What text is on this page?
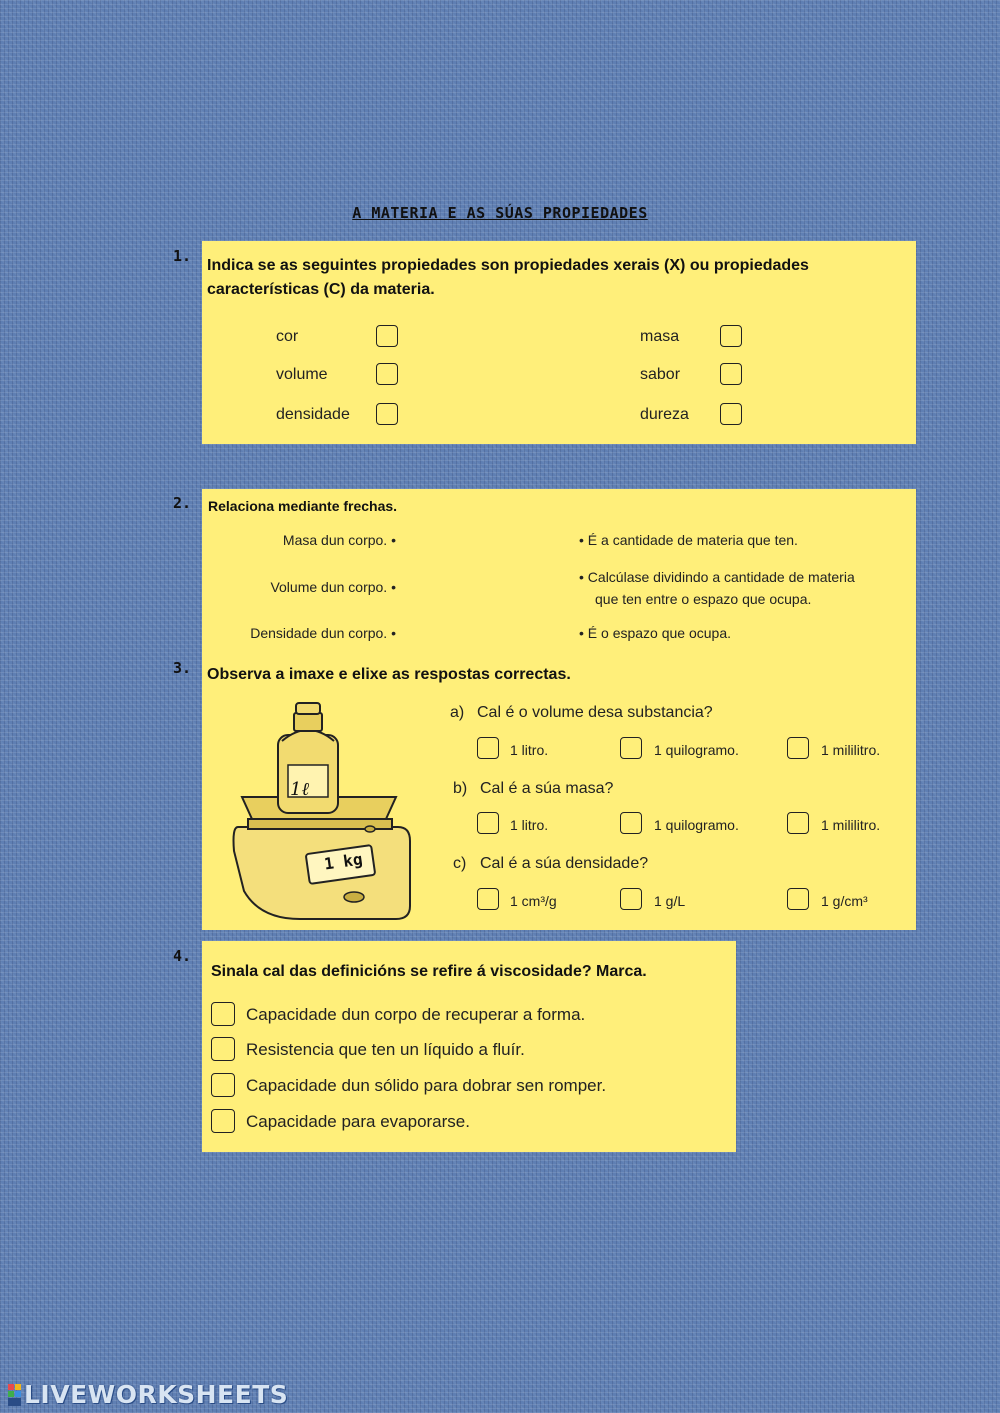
A MATERIA E AS SÚAS PROPIEDADES
1.
Indica se as seguintes propiedades son propiedades xerais (X) ou propiedades características (C) da materia.
cor
volume
densidade
masa
sabor
dureza
2.
3.
Relaciona mediante frechas.
Masa dun corpo. •
Volume dun corpo. •
Densidade dun corpo. •
• É a cantidade de materia que ten.
• Calcúlase dividindo a cantidade de materia
que ten entre o espazo que ocupa.
• É o espazo que ocupa.
Observa a imaxe e elixe as respostas correctas.
1ℓ
1 kg
a) Cal é o volume desa substancia?
1 litro.	1 quilogramo.	1 mililitro.
b) Cal é a súa masa?
1 litro.	1 quilogramo.	1 mililitro.
c) Cal é a súa densidade?
1 cm³/g	1 g/L	1 g/cm³
4.
Sinala cal das definicións se refire á viscosidade? Marca.
Capacidade dun corpo de recuperar a forma.
Resistencia que ten un líquido a fluír.
Capacidade dun sólido para dobrar sen romper.
Capacidade para evaporarse.
LIVEWORKSHEETS
